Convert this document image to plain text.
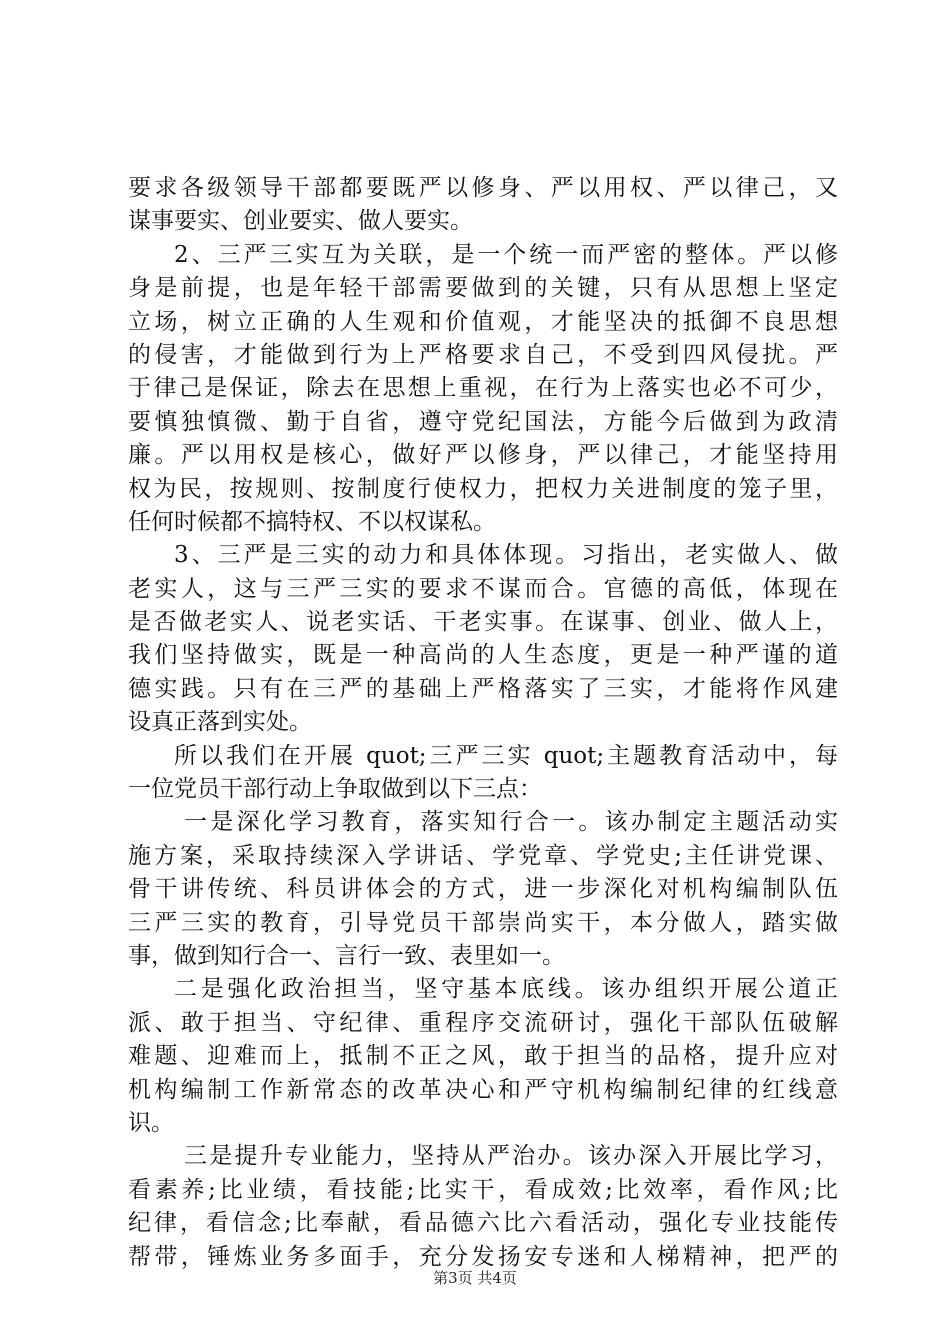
要求各级领导干部都要既严以修身、严以用权、严以律己，又
谋事要实、创业要实、做人要实。
2、三严三实互为关联，是一个统一而严密的整体。严以修
身是前提，也是年轻干部需要做到的关键，只有从思想上坚定
立场，树立正确的人生观和价值观，才能坚决的抵御不良思想
的侵害，才能做到行为上严格要求自己，不受到四风侵扰。严
于律己是保证，除去在思想上重视，在行为上落实也必不可少，
要慎独慎微、勤于自省，遵守党纪国法，方能今后做到为政清
廉。严以用权是核心，做好严以修身，严以律己，才能坚持用
权为民，按规则、按制度行使权力，把权力关进制度的笼子里，
任何时候都不搞特权、不以权谋私。
3、三严是三实的动力和具体体现。习指出，老实做人、做
老实人，这与三严三实的要求不谋而合。官德的高低，体现在
是否做老实人、说老实话、干老实事。在谋事、创业、做人上，
我们坚持做实，既是一种高尚的人生态度，更是一种严谨的道
德实践。只有在三严的基础上严格落实了三实，才能将作风建
设真正落到实处。
所以我们在开展 quot;三严三实 quot;主题教育活动中，每
一位党员干部行动上争取做到以下三点：
一是深化学习教育，落实知行合一。该办制定主题活动实
施方案，采取持续深入学讲话、学党章、学党史;主任讲党课、
骨干讲传统、科员讲体会的方式，进一步深化对机构编制队伍
三严三实的教育，引导党员干部崇尚实干，本分做人，踏实做
事，做到知行合一、言行一致、表里如一。
二是强化政治担当，坚守基本底线。该办组织开展公道正
派、敢于担当、守纪律、重程序交流研讨，强化干部队伍破解
难题、迎难而上，抵制不正之风，敢于担当的品格，提升应对
机构编制工作新常态的改革决心和严守机构编制纪律的红线意
识。
三是提升专业能力，坚持从严治办。该办深入开展比学习，
看素养;比业绩，看技能;比实干，看成效;比效率，看作风;比
纪律，看信念;比奉献，看品德六比六看活动，强化专业技能传
帮带，锤炼业务多面手，充分发扬安专迷和人梯精神，把严的
第3页 共4页
